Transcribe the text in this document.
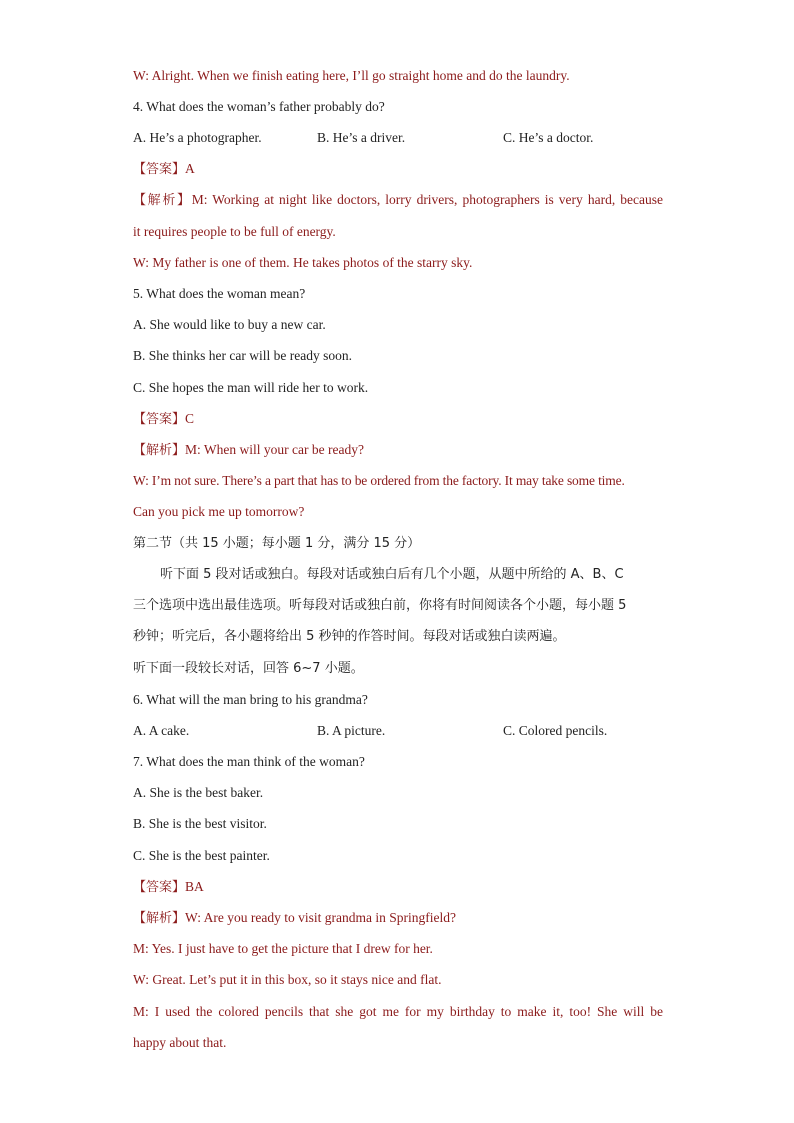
W: Alright. When we finish eating here, I’ll go straight home and do the laundry.
4. What does the woman’s father probably do?
A. He’s a photographer.	B. He’s a driver.	C. He’s a doctor.
【答案】A
【解析】M: Working at night like doctors, lorry drivers, photographers is very hard, because
it requires people to be full of energy.
W: My father is one of them. He takes photos of the starry sky.
5. What does the woman mean?
A. She would like to buy a new car.
B. She thinks her car will be ready soon.
C. She hopes the man will ride her to work.
【答案】C
【解析】M: When will your car be ready?
W: I’m not sure. There’s a part that has to be ordered from the factory. It may take some time.
Can you pick me up tomorrow?
第二节（共 15 小题；每小题 1 分，满分 15 分）
听下面 5 段对话或独白。每段对话或独白后有几个小题，从题中所给的 A、B、C
三个选项中选出最佳选项。听每段对话或独白前，你将有时间阅读各个小题，每小题 5
秒钟；听完后，各小题将给出 5 秒钟的作答时间。每段对话或独白读两遍。
听下面一段较长对话，回答 6~7 小题。
6. What will the man bring to his grandma?
A. A cake.	B. A picture.	C. Colored pencils.
7. What does the man think of the woman?
A. She is the best baker.
B. She is the best visitor.
C. She is the best painter.
【答案】BA
【解析】W: Are you ready to visit grandma in Springfield?
M: Yes. I just have to get the picture that I drew for her.
W: Great. Let’s put it in this box, so it stays nice and flat.
M: I used the colored pencils that she got me for my birthday to make it, too! She will be
happy about that.
